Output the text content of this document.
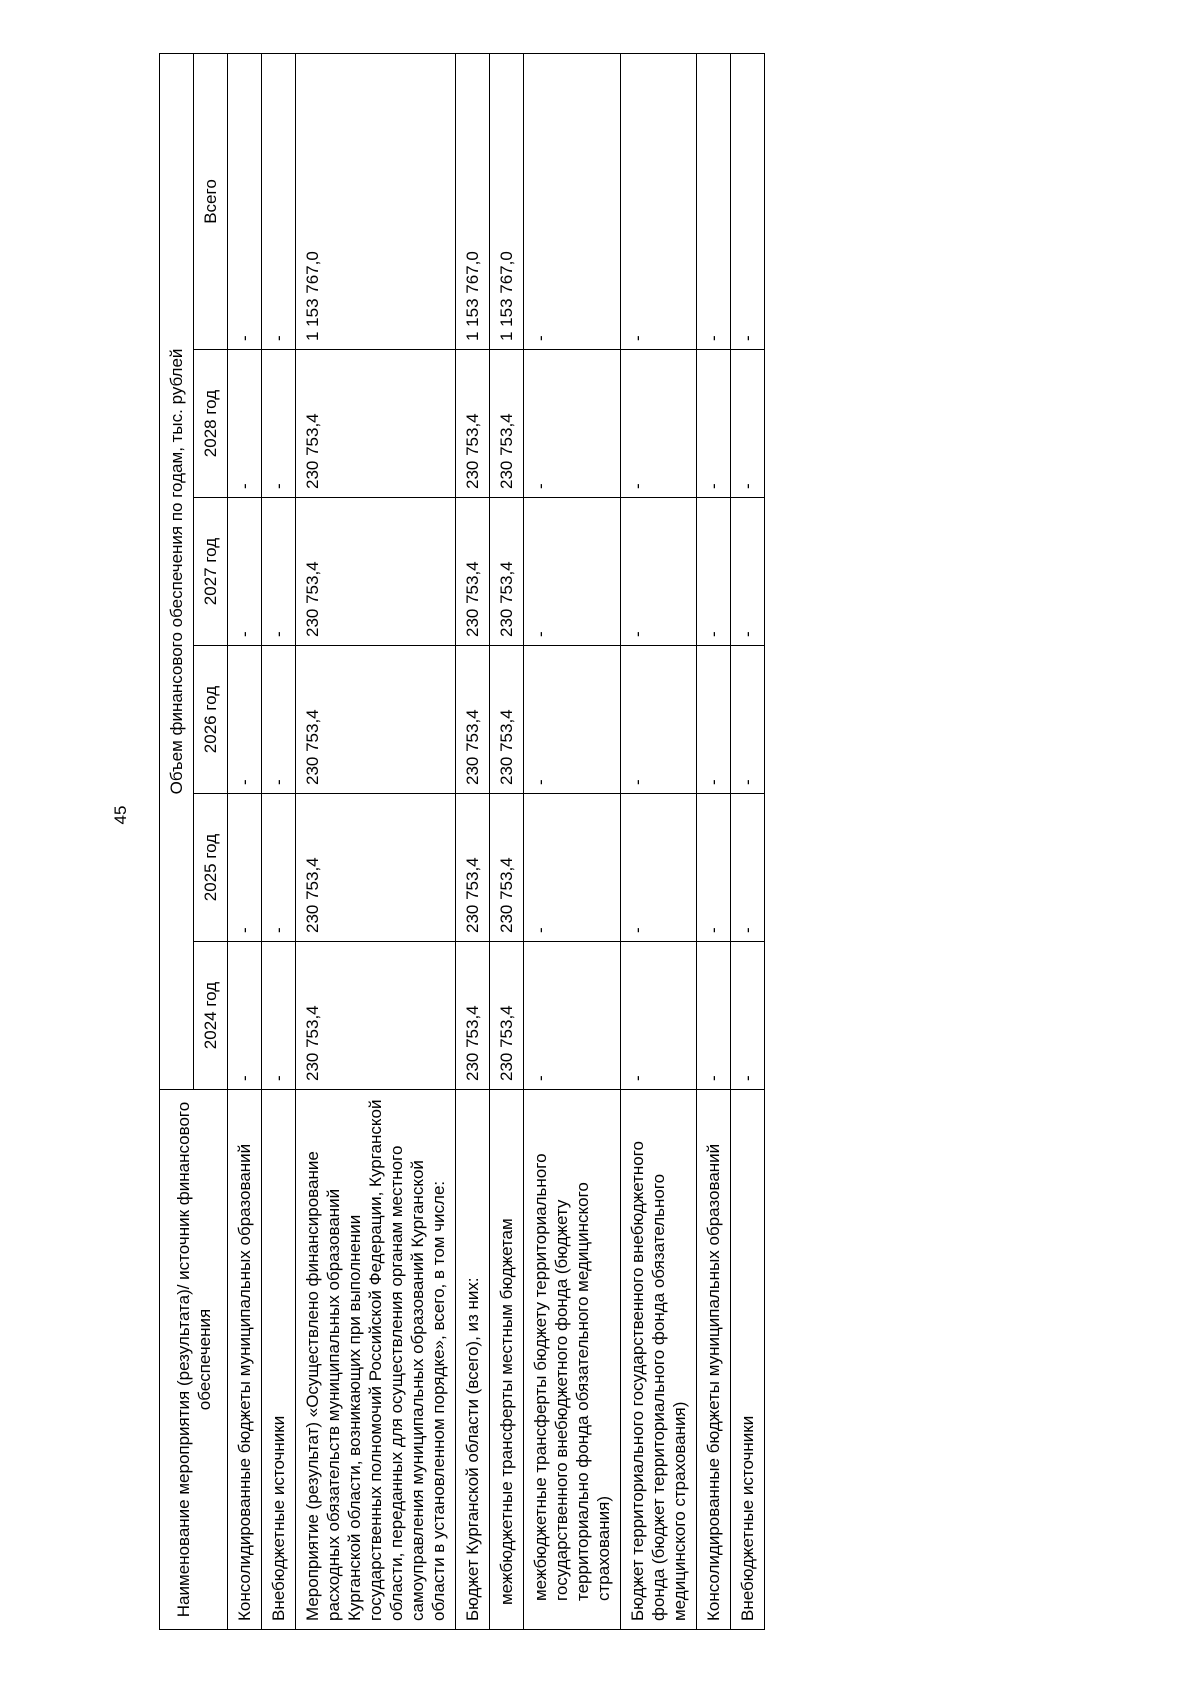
45
Наименование мероприятия (результата)/ источник финансового обеспечения	Объем финансового обеспечения по годам, тыс. рублей					
	2024 год	2025 год	2026 год	2027 год	2028 год	Всего
Консолидированные бюджеты муниципальных образований	-	-	-	-	-	-
Внебюджетные источники	-	-	-	-	-	-
Мероприятие (результат) «Осуществлено финансирование расходных обязательств муниципальных образований Курганской области, возникающих при выполнении государственных полномочий Российской Федерации, Курганской области, переданных для осуществления органам местного самоуправления муниципальных образований Курганской области в установленном порядке», всего, в том числе:	230 753,4	230 753,4	230 753,4	230 753,4	230 753,4	1 153 767,0
Бюджет Курганской области (всего), из них:	230 753,4	230 753,4	230 753,4	230 753,4	230 753,4	1 153 767,0
межбюджетные трансферты местным бюджетам	230 753,4	230 753,4	230 753,4	230 753,4	230 753,4	1 153 767,0
межбюджетные трансферты бюджету территориального государственного внебюджетного фонда (бюджету территориально фонда обязательного медицинского страхования)	-	-	-	-	-	-
Бюджет территориального государственного внебюджетного фонда (бюджет территориального фонда обязательного медицинского страхования)	-	-	-	-	-	-
Консолидированные бюджеты муниципальных образований	-	-	-	-	-	-
Внебюджетные источники	-	-	-	-	-	-
